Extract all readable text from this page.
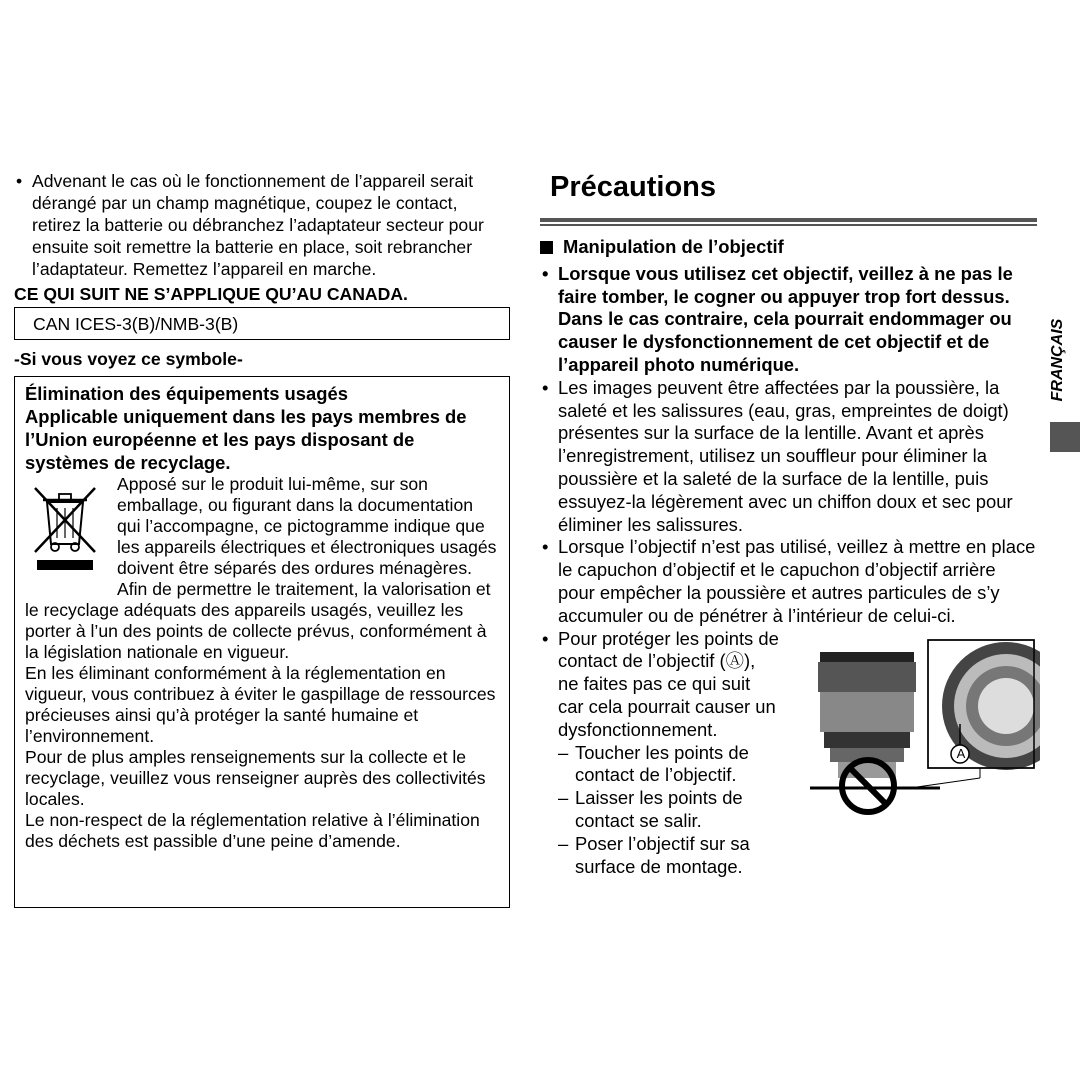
• Advenant le cas où le fonctionnement de l’appareil serait dérangé par un champ magnétique, coupez le contact, retirez la batterie ou débranchez l’adaptateur secteur pour ensuite soit remettre la batterie en place, soit rebrancher l’adaptateur. Remettez l’appareil en marche.
CE QUI SUIT NE S’APPLIQUE QU’AU CANADA.
CAN ICES-3(B)/NMB-3(B)
-Si vous voyez ce symbole-
Élimination des équipements usagés
Applicable uniquement dans les pays membres de l’Union européenne et les pays disposant de systèmes de recyclage.
Apposé sur le produit lui-même, sur son emballage, ou figurant dans la documentation qui l’accompagne, ce pictogramme indique que les appareils électriques et électroniques usagés doivent être séparés des ordures ménagères.

Afin de permettre le traitement, la valorisation et le recyclage adéquats des appareils usagés, veuillez les porter à l’un des points de collecte prévus, conformément à la législation nationale en vigueur.

En les éliminant conformément à la réglementation en vigueur, vous contribuez à éviter le gaspillage de ressources précieuses ainsi qu’à protéger la santé humaine et l’environnement.

Pour de plus amples renseignements sur la collecte et le recyclage, veuillez vous renseigner auprès des collectivités locales.

Le non-respect de la réglementation relative à l’élimination des déchets est passible d’une peine d’amende.

Précautions
Manipulation de l’objectif
• Lorsque vous utilisez cet objectif, veillez à ne pas le faire tomber, le cogner ou appuyer trop fort dessus. Dans le cas contraire, cela pourrait endommager ou causer le dysfonctionnement de cet objectif et de l’appareil photo numérique.
• Les images peuvent être affectées par la poussière, la saleté et les salissures (eau, gras, empreintes de doigt) présentes sur la surface de la lentille. Avant et après l’enregistrement, utilisez un souffleur pour éliminer la poussière et la saleté de la surface de la lentille, puis essuyez-la légèrement avec un chiffon doux et sec pour éliminer les salissures.
• Lorsque l’objectif n’est pas utilisé, veillez à mettre en place le capuchon d’objectif et le capuchon d’objectif arrière pour empêcher la poussière et autres particules de s’y accumuler ou de pénétrer à l’intérieur de celui-ci.
• Pour protéger les points de contact de l’objectif (Ⓐ), ne faites pas ce qui suit car cela pourrait causer un dysfonctionnement.
– Toucher les points de contact de l’objectif.
– Laisser les points de contact se salir.
– Poser l’objectif sur sa surface de montage.
A
FRANÇAIS
